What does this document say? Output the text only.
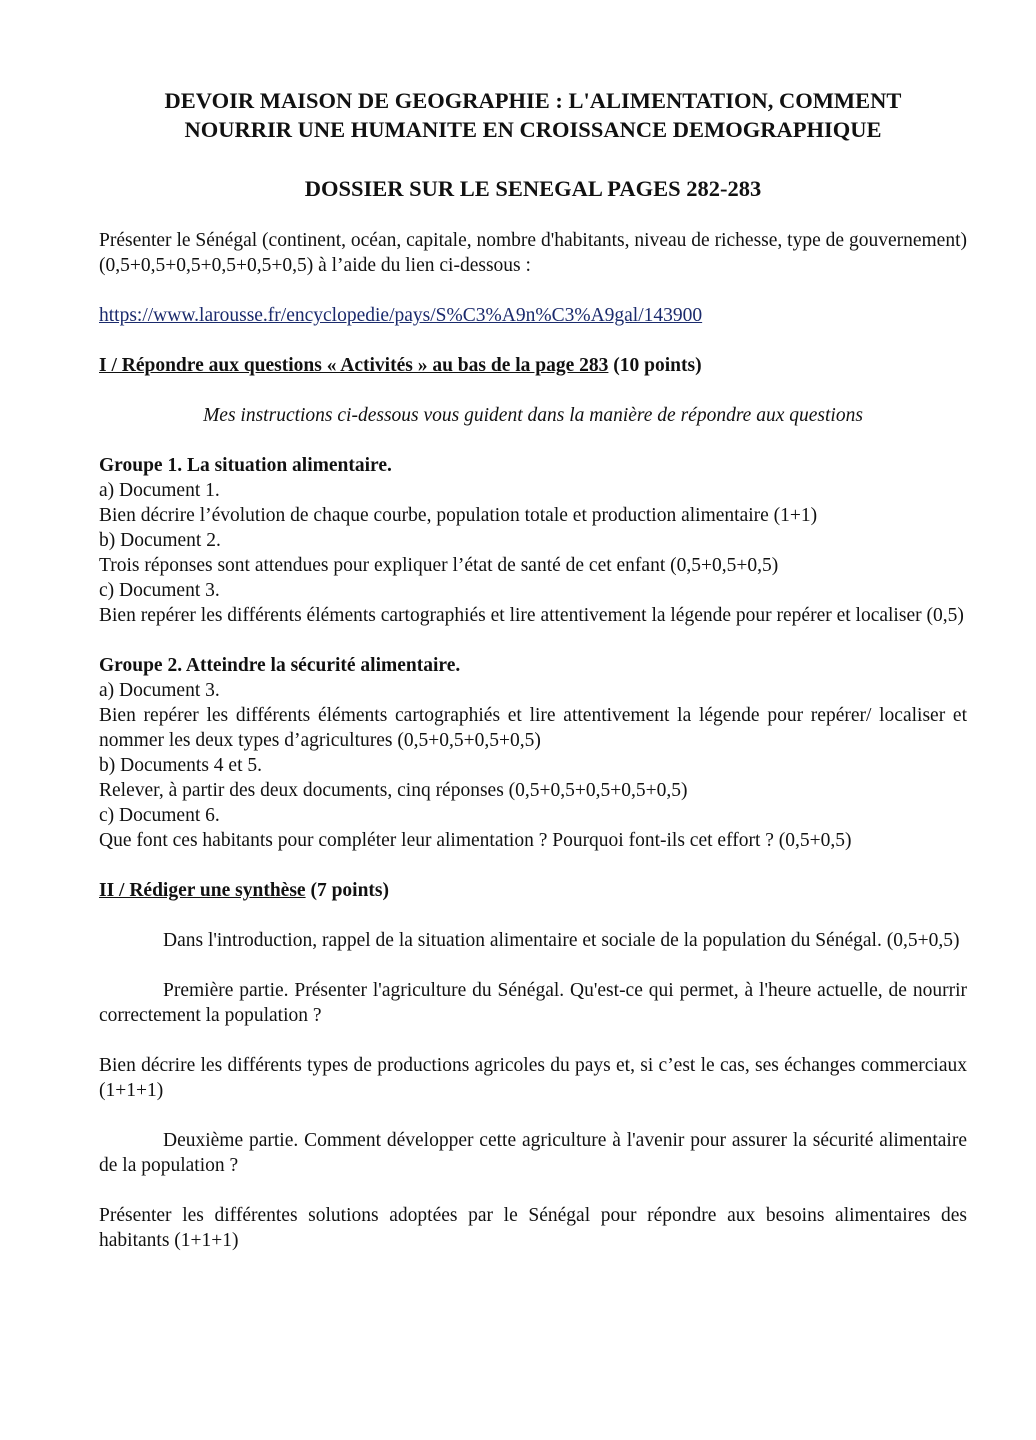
DEVOIR MAISON DE GEOGRAPHIE : L'ALIMENTATION, COMMENT
NOURRIR UNE HUMANITE EN CROISSANCE DEMOGRAPHIQUE
DOSSIER SUR LE SENEGAL PAGES 282-283

Présenter le Sénégal (continent, océan, capitale, nombre d'habitants, niveau de richesse, type de gouvernement) (0,5+0,5+0,5+0,5+0,5+0,5) à l’aide du lien ci-dessous :

https://www.larousse.fr/encyclopedie/pays/S%C3%A9n%C3%A9gal/143900

I / Répondre aux questions « Activités » au bas de la page 283 (10 points)

Mes instructions ci-dessous vous guident dans la manière de répondre aux questions

Groupe 1. La situation alimentaire.

a) Document 1.

Bien décrire l’évolution de chaque courbe, population totale et production alimentaire (1+1)

b) Document 2.

Trois réponses sont attendues pour expliquer l’état de santé de cet enfant (0,5+0,5+0,5)

c) Document 3.

Bien repérer les différents éléments cartographiés et lire attentivement la légende pour repérer et localiser (0,5)

Groupe 2. Atteindre la sécurité alimentaire.

a) Document 3.

Bien repérer les différents éléments cartographiés et lire attentivement la légende pour repérer/ localiser et nommer les deux types d’agricultures (0,5+0,5+0,5+0,5)

b) Documents 4 et 5.

Relever, à partir des deux documents, cinq réponses (0,5+0,5+0,5+0,5+0,5)

c) Document 6.

Que font ces habitants pour compléter leur alimentation ? Pourquoi font-ils cet effort ? (0,5+0,5)

II / Rédiger une synthèse (7 points)

Dans l'introduction, rappel de la situation alimentaire et sociale de la population du Sénégal. (0,5+0,5)

Première partie. Présenter l'agriculture du Sénégal. Qu'est-ce qui permet, à l'heure actuelle, de nourrir correctement la population ?

Bien décrire les différents types de productions agricoles du pays et, si c’est le cas, ses échanges commerciaux (1+1+1)

Deuxième partie. Comment développer cette agriculture à l'avenir pour assurer la sécurité alimentaire de la population ?

Présenter les différentes solutions adoptées par le Sénégal pour répondre aux besoins alimentaires des habitants (1+1+1)
